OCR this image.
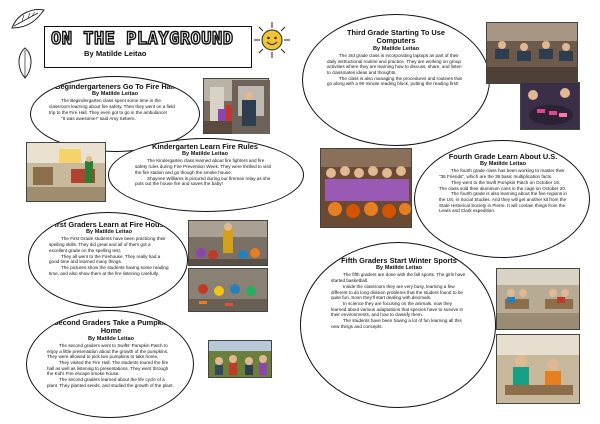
ON THE PLAYGROUND
By Matilde Leitao
Begindergarteners Go To Fire Hall
By Matilde Leitao

The Begindergarten class spent some time in the classroom learning about fire safety. Then they went on a field trip to the Fire Hall. They even got to go in the ambulance!

"It was awesome!" said Amy Sebern.

Kindergarten Learn Fire Rules
By Matilde Leitao

The Kindergarten class learned about fire fighters and fire safety rules during Fire Prevention Week. They were thrilled to visit the fire station and go though the smoke house.

Shaynee Williams is pictured during our fireman relay as she puts out the house fire and saves the baby!

First Graders Learn at Fire House
By Matilde Leitao

The First Grade students have been practicing their spelling skills. They did great and all of them got a excellent grade on the spelling test.

They all went to the Firehouse. They really had a good time and learned many things.

The pictures show the students having some reading time, and also show them at the fire listening carefully.

Second Graders Take a Pumpkin Home
By Matilde Leitao

The second graders went to Swifts' Pumpkin Patch to enjoy a little presentation about the growth of the pumpkins. They were allowed to pick two pumpkins to take home.

They visited the Fire Hall. The students toured the fire hall as well as listening to presentations. They went through the Kid's Fire escape smoke house.

The second graders learned about the life cycle of a plant. They planted seeds, and studied the growth of the plant.

Third Grade Starting To Use Computers
By Matilde Leitao

The 3rd grade class is incorporating laptops as part of their daily instructional routine and practice. They are working on group activities where they are learning how to discuss, share, and listen to classmates ideas and thoughts.

The class is also managing the procedures and routines that go along with a 90 minute reading block, putting the reading first!

Fourth Grade Learn About U.S.
By Matilde Leitao

The fourth grade class has been working to master their "36 Friends", which are the 36 basic multiplication facts.

They went to the Swift Pumpkin Patch on October 19. The class sold their aluminum cans in the cage on October 20.

The fourth grade is also learning about the five regions in the US, in Social Studies. And they will get another kit from the State Historical Society in Pierre. It will contain things from the Lewis and Clark expedition.

Fifth Graders Start Winter Sports
By Matilde Leitao

The fifth graders are done with the fall sports. The girls have started basketball.

Inside the classroom they are very busy, learning a few different to do long division problems that the student found to be quite fun. Soon they'll start dealing with decimals.

In science they are focusing on the animals. now they learned about various adaptations that species have to survive in their environments, and how to classify them.

The students have been having a lot of fun learning all this new things and concepts.
